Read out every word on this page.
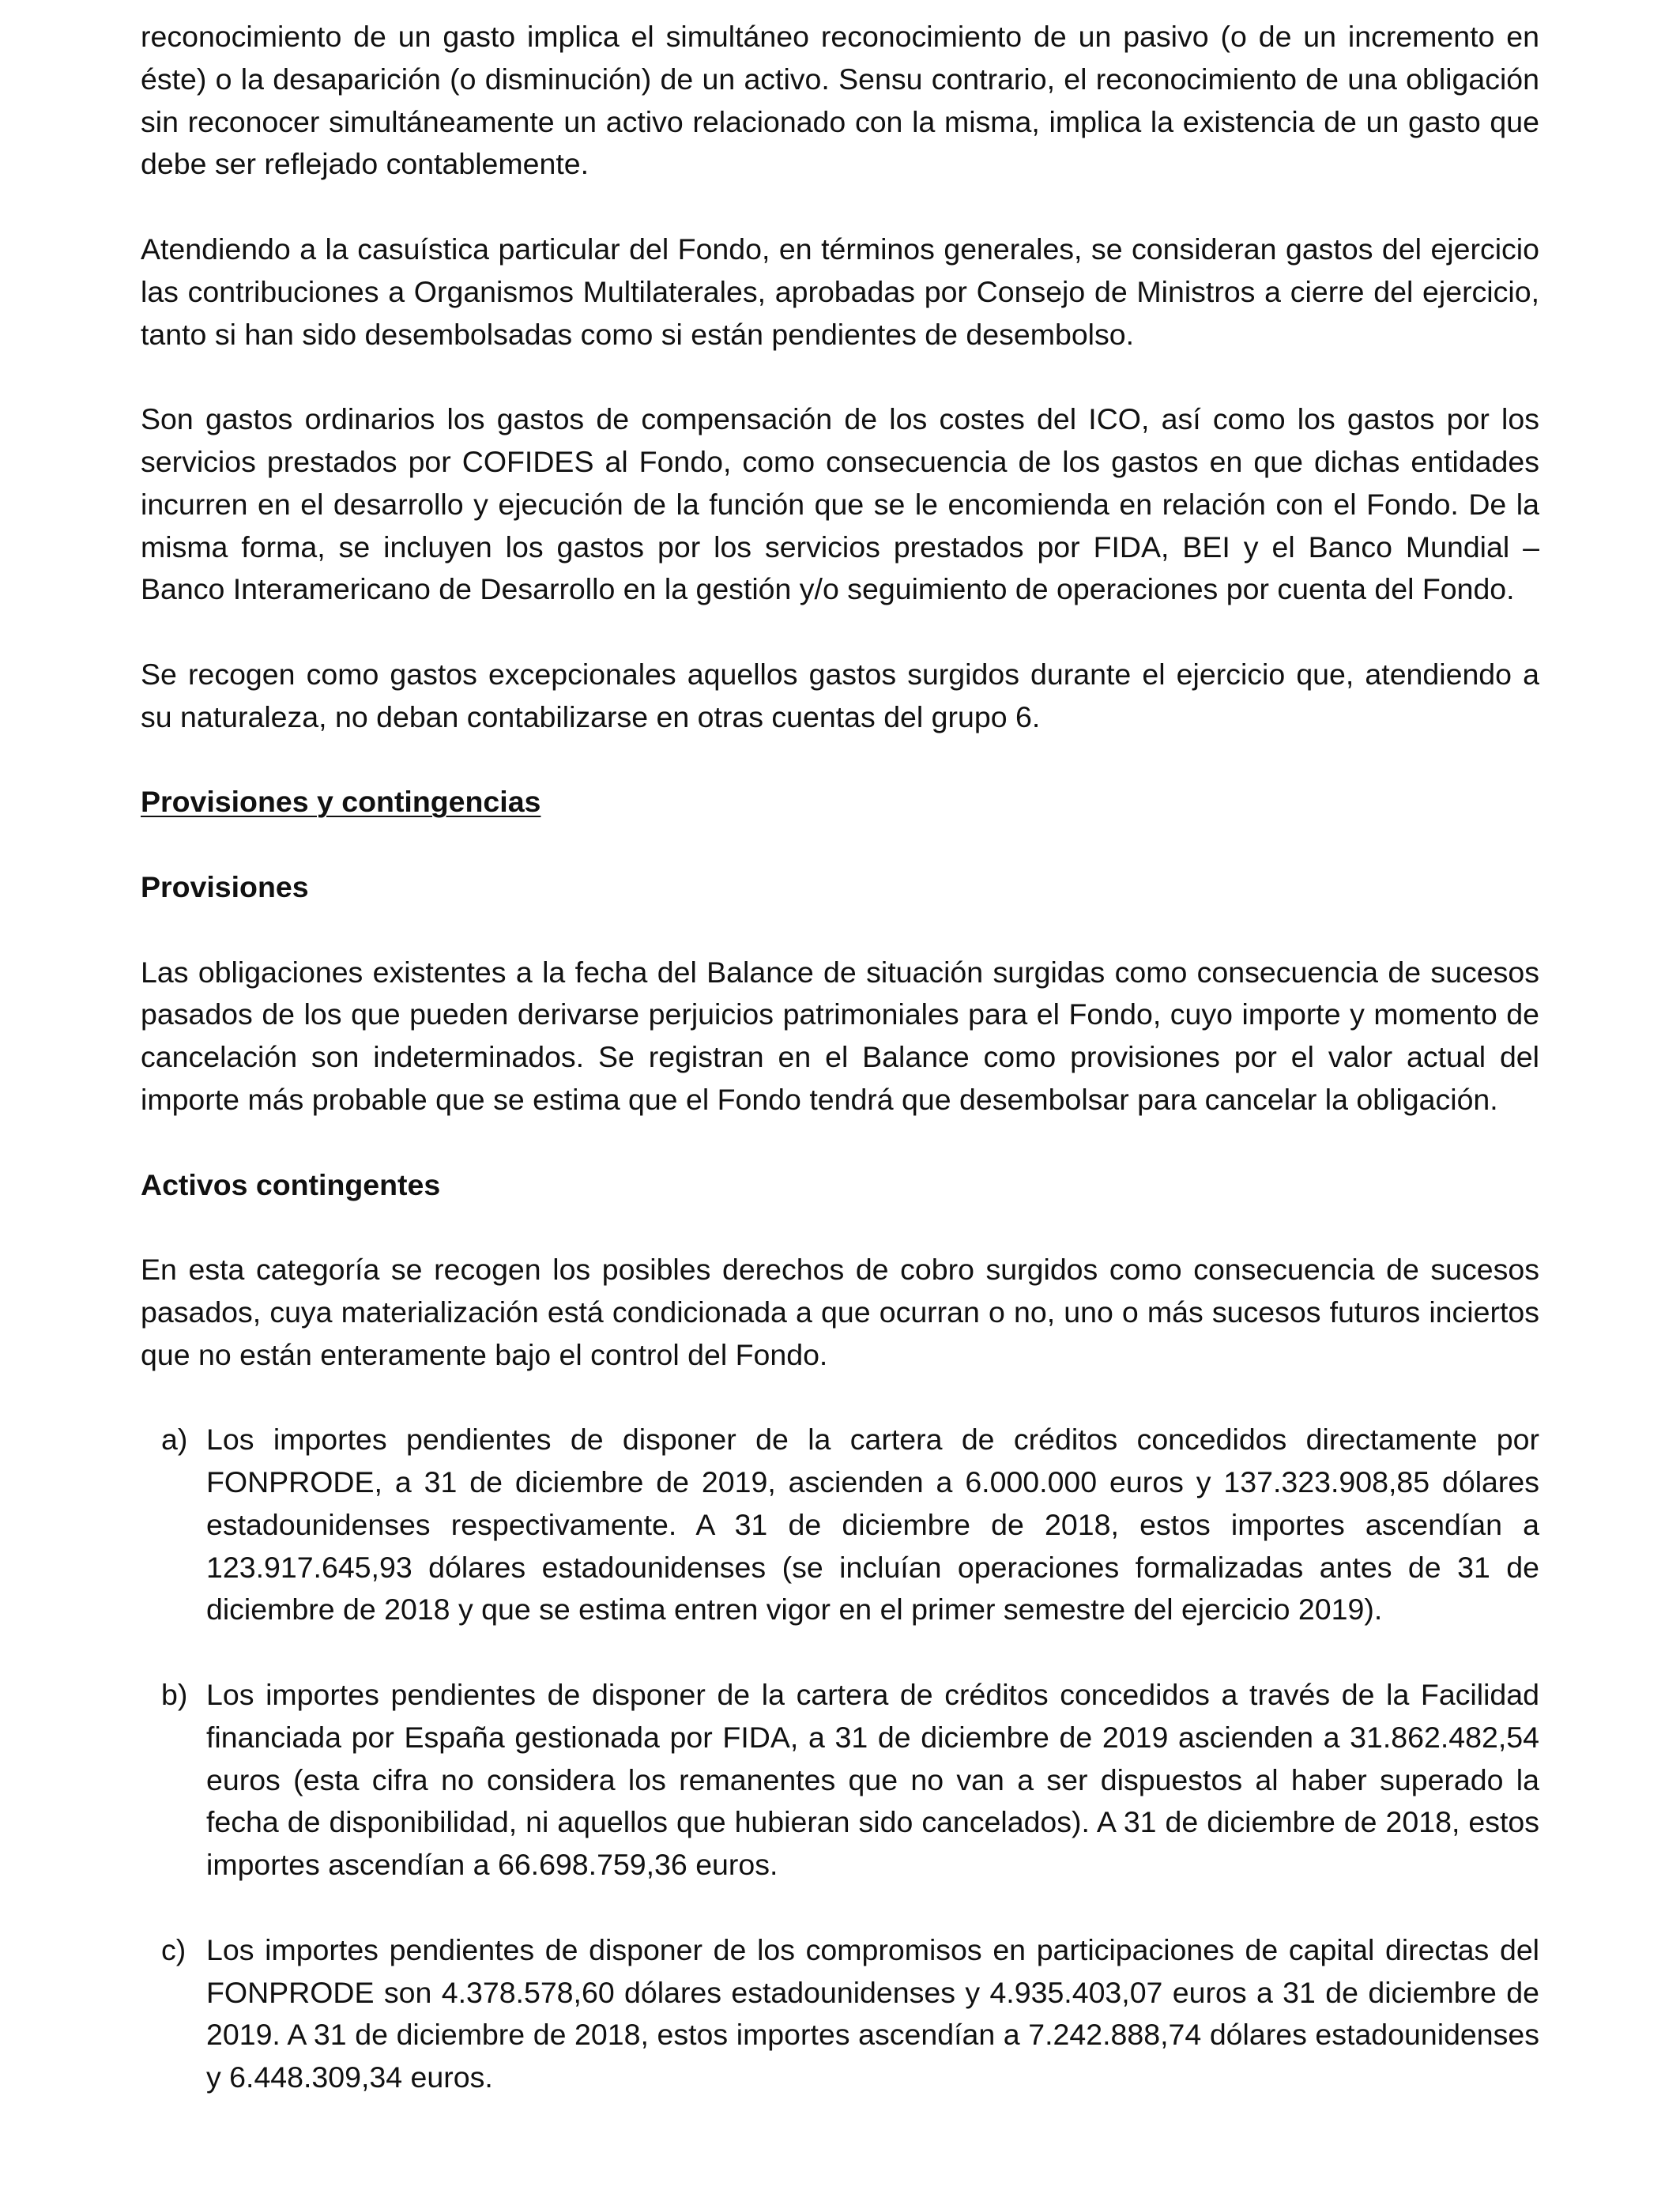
reconocimiento de un gasto implica el simultáneo reconocimiento de un pasivo (o de un incremento en éste) o la desaparición (o disminución) de un activo. Sensu contrario, el reconocimiento de una obligación sin reconocer simultáneamente un activo relacionado con la misma, implica la existencia de un gasto que debe ser reflejado contablemente.

Atendiendo a la casuística particular del Fondo, en términos generales, se consideran gastos del ejercicio las contribuciones a Organismos Multilaterales, aprobadas por Consejo de Ministros a cierre del ejercicio, tanto si han sido desembolsadas como si están pendientes de desembolso.

Son gastos ordinarios los gastos de compensación de los costes del ICO, así como los gastos por los servicios prestados por COFIDES al Fondo, como consecuencia de los gastos en que dichas entidades incurren en el desarrollo y ejecución de la función que se le encomienda en relación con el Fondo. De la misma forma, se incluyen los gastos por los servicios prestados por FIDA, BEI y el Banco Mundial – Banco Interamericano de Desarrollo en la gestión y/o seguimiento de operaciones por cuenta del Fondo.

Se recogen como gastos excepcionales aquellos gastos surgidos durante el ejercicio que, atendiendo a su naturaleza, no deban contabilizarse en otras cuentas del grupo 6.

Provisiones y contingencias
Provisiones

Las obligaciones existentes a la fecha del Balance de situación surgidas como consecuencia de sucesos pasados de los que pueden derivarse perjuicios patrimoniales para el Fondo, cuyo importe y momento de cancelación son indeterminados. Se registran en el Balance como provisiones por el valor actual del importe más probable que se estima que el Fondo tendrá que desembolsar para cancelar la obligación.

Activos contingentes

En esta categoría se recogen los posibles derechos de cobro surgidos como consecuencia de sucesos pasados, cuya materialización está condicionada a que ocurran o no, uno o más sucesos futuros inciertos que no están enteramente bajo el control del Fondo.

a) Los importes pendientes de disponer de la cartera de créditos concedidos directamente por FONPRODE, a 31 de diciembre de 2019, ascienden a 6.000.000 euros y 137.323.908,85 dólares estadounidenses respectivamente. A 31 de diciembre de 2018, estos importes ascendían a 123.917.645,93 dólares estadounidenses (se incluían operaciones formalizadas antes de 31 de diciembre de 2018 y que se estima entren vigor en el primer semestre del ejercicio 2019).
b) Los importes pendientes de disponer de la cartera de créditos concedidos a través de la Facilidad financiada por España gestionada por FIDA, a 31 de diciembre de 2019 ascienden a 31.862.482,54 euros (esta cifra no considera los remanentes que no van a ser dispuestos al haber superado la fecha de disponibilidad, ni aquellos que hubieran sido cancelados). A 31 de diciembre de 2018, estos importes ascendían a 66.698.759,36 euros.
c) Los importes pendientes de disponer de los compromisos en participaciones de capital directas del FONPRODE son 4.378.578,60 dólares estadounidenses y 4.935.403,07 euros a 31 de diciembre de 2019. A 31 de diciembre de 2018, estos importes ascendían a 7.242.888,74 dólares estadounidenses y 6.448.309,34 euros.
